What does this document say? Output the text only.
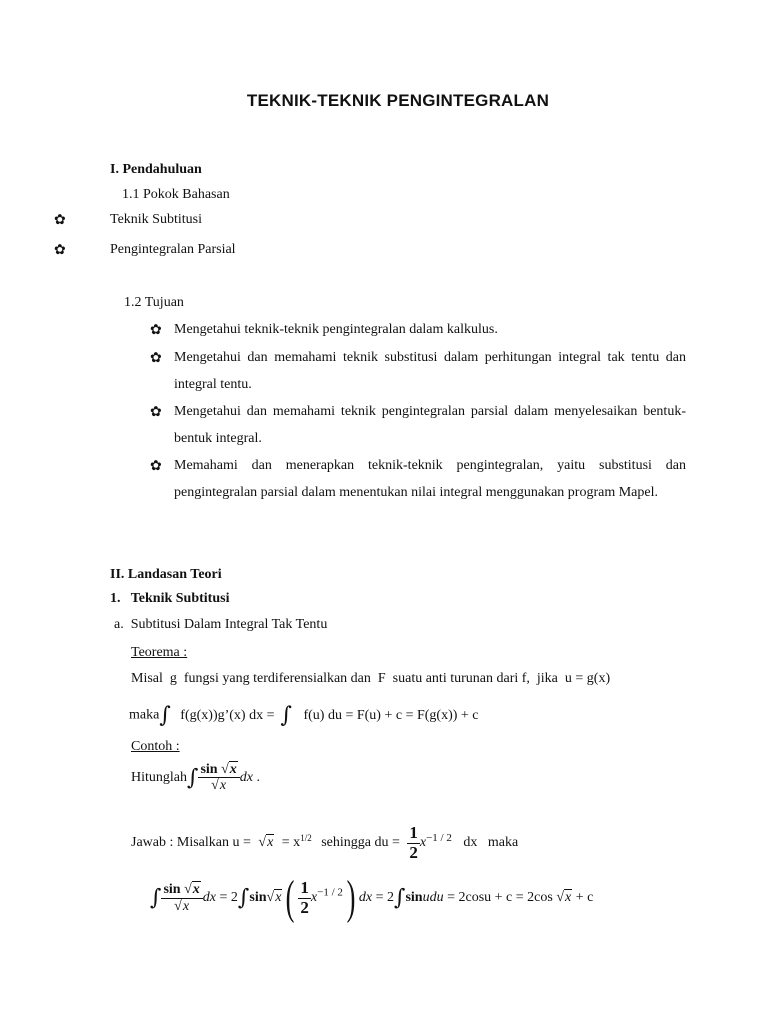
TEKNIK-TEKNIK PENGINTEGRALAN
I. Pendahuluan
1.1 Pokok Bahasan
✿	Teknik Subtitusi
✿	Pengintegralan Parsial
1.2 Tujuan
✿ Mengetahui teknik-teknik pengintegralan dalam kalkulus.
✿ Mengetahui dan memahami teknik substitusi dalam perhitungan integral tak tentu dan integral tentu.
✿ Mengetahui dan memahami teknik pengintegralan parsial dalam menyelesaikan bentuk-bentuk integral.
✿ Memahami dan menerapkan teknik-teknik pengintegralan, yaitu substitusi dan pengintegralan parsial dalam menentukan nilai integral menggunakan program Mapel.
II. Landasan Teori
1.   Teknik Subtitusi
a.  Subtitusi Dalam Integral Tak Tentu
Teorema :
Misal  g  fungsi yang terdiferensialkan dan  F  suatu anti turunan dari f,  jika  u = g(x)
maka∫ f(g(x))g’(x) dx = ∫ f(u) du = F(u) + c = F(g(x)) + c
Contoh :
Hitunglah∫ $\frac{\sin √x}{√x}$ dx .
Jawab : Misalkan $u = √x = x^{1/2}$ sehingga du = $\frac{1}{2} x^{-1 / 2}$ dx   maka
∫ $\frac{\sin √x}{√x}$ dx = $2\int\sin√x( \frac{1}{2} x^{-1 / 2})$ dx = 2∫sinudu = 2cosu + c = 2cos √x + c
